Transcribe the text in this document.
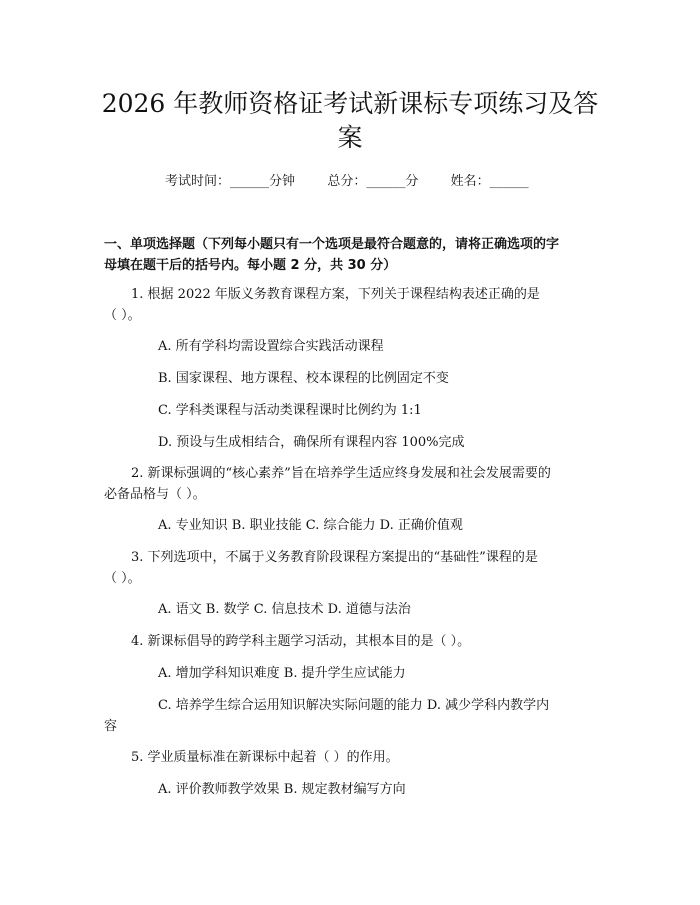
2026 年教师资格证考试新课标专项练习及答
案
考试时间：______分钟 总分：______分 姓名：______
一、单项选择题（下列每小题只有一个选项是最符合题意的，请将正确选项的字
母填在题干后的括号内。每小题 2 分，共 30 分）
1. 根据 2022 年版义务教育课程方案，下列关于课程结构表述正确的是
（ ）。
A. 所有学科均需设置综合实践活动课程
B. 国家课程、地方课程、校本课程的比例固定不变
C. 学科类课程与活动类课程课时比例约为 1:1
D. 预设与生成相结合，确保所有课程内容 100%完成
2. 新课标强调的“核心素养”旨在培养学生适应终身发展和社会发展需要的
必备品格与（ ）。
A. 专业知识 B. 职业技能 C. 综合能力 D. 正确价值观
3. 下列选项中，不属于义务教育阶段课程方案提出的“基础性”课程的是
（ ）。
A. 语文 B. 数学 C. 信息技术 D. 道德与法治
4. 新课标倡导的跨学科主题学习活动，其根本目的是（ ）。
A. 增加学科知识难度 B. 提升学生应试能力
C. 培养学生综合运用知识解决实际问题的能力 D. 减少学科内教学内
容
5. 学业质量标准在新课标中起着（ ）的作用。
A. 评价教师教学效果 B. 规定教材编写方向
